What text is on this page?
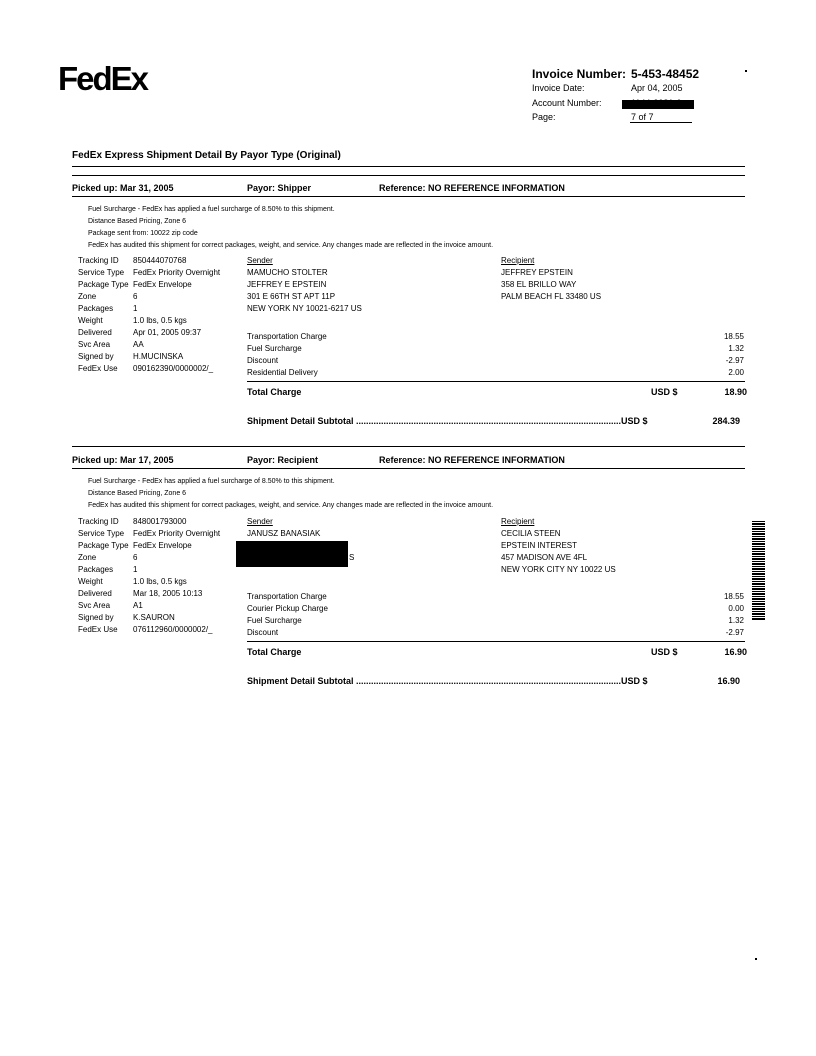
FedEx	Invoice Number: 5-453-48452
Invoice Date:	Apr 04, 2005
Account Number:
Page:	7 of 7
FedEx Express Shipment Detail By Payor Type (Original)
Picked up: Mar 31, 2005	Payor: Shipper	Reference: NO REFERENCE INFORMATION
Fuel Surcharge - FedEx has applied a fuel surcharge of 8.50% to this shipment.
Distance Based Pricing, Zone 6
Package sent from: 10022 zip code
FedEx has audited this shipment for correct packages, weight, and service. Any changes made are reflected in the invoice amount.
Tracking ID 850444070768
Service Type FedEx Priority Overnight
Package Type FedEx Envelope
Zone	6
Packages 1
Weight	1.0 lbs, 0.5 kgs
Delivered	Apr 01, 2005 09:37
Svc Area	AA
Signed by H.MUCINSKA
FedEx Use 090162390/0000002/_
Sender
MAMUCHO STOLTER
JEFFREY E EPSTEIN
301 E 66TH ST APT 11P
NEW YORK NY 10021-6217 US
Recipient
JEFFREY EPSTEIN
358 EL BRILLO WAY
PALM BEACH FL 33480 US
Transportation Charge	18.55
Fuel Surcharge	1.32
Discount	-2.97
Residential Delivery	2.00
Total Charge	USD $	18.90
Shipment Detail Subtotal ..........................................................................................................USD $	284.39
Picked up: Mar 17, 2005	Payor: Recipient	Reference: NO REFERENCE INFORMATION
Fuel Surcharge - FedEx has applied a fuel surcharge of 8.50% to this shipment.
Distance Based Pricing, Zone 6
FedEx has audited this shipment for correct packages, weight, and service. Any changes made are reflected in the invoice amount.
Tracking ID 848001793000
Service Type FedEx Priority Overnight
Package Type FedEx Envelope
Zone	6
Packages 1
Weight	1.0 lbs, 0.5 kgs
Delivered	Mar 18, 2005 10:13
Svc Area	A1
Signed by K.SAURON
FedEx Use 076112960/0000002/_
Sender
JANUSZ BANASIAK
S
Recipient
CECILIA STEEN
EPSTEIN INTEREST
457 MADISON AVE 4FL
NEW YORK CITY NY 10022 US
Transportation Charge	18.55
Courier Pickup Charge	0.00
Fuel Surcharge	1.32
Discount	-2.97
Total Charge	USD $	16.90
Shipment Detail Subtotal ..........................................................................................................USD $	16.90
